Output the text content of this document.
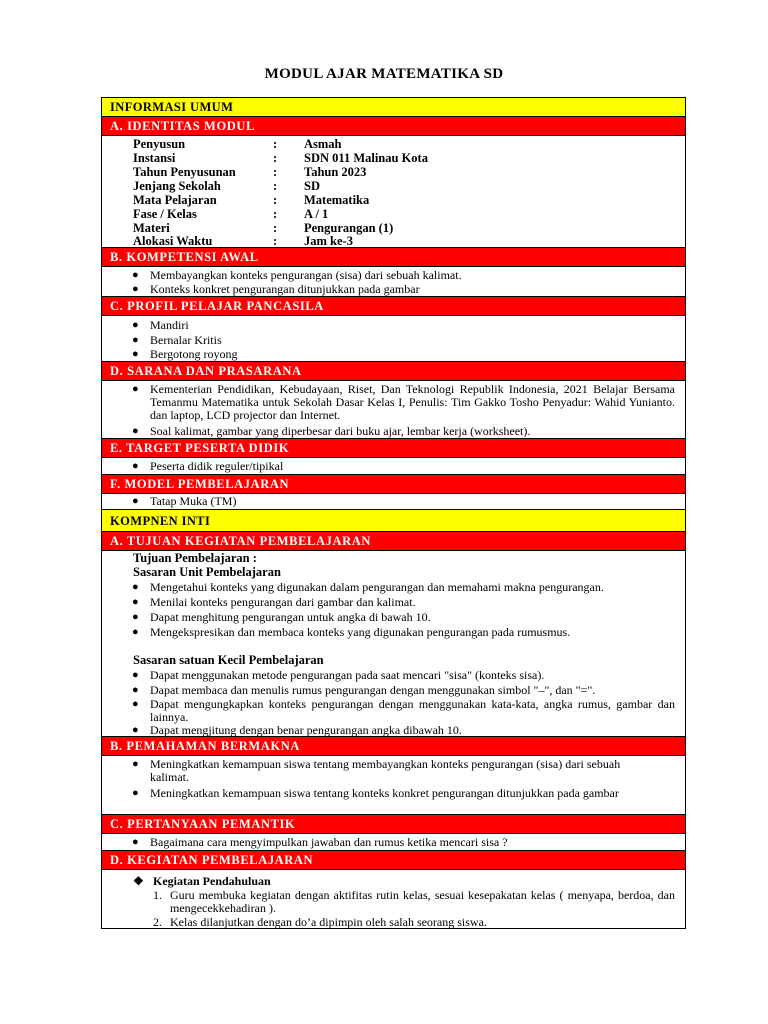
MODUL AJAR MATEMATIKA SD
INFORMASI UMUM
A. IDENTITAS MODUL
Penyusun	: Asmah
Instansi	: SDN 011 Malinau Kota
Tahun Penyusunan	: Tahun 2023
Jenjang Sekolah	: SD
Mata Pelajaran	: Matematika
Fase / Kelas	: A / 1
Materi	: Pengurangan (1)
Alokasi Waktu	: Jam ke-3
B. KOMPETENSI AWAL
● Membayangkan konteks pengurangan (sisa) dari sebuah kalimat.
● Konteks konkret pengurangan ditunjukkan pada gambar
C. PROFIL PELAJAR PANCASILA
● Mandiri
● Bernalar Kritis
● Bergotong royong
D. SARANA DAN PRASARANA
● Kementerian Pendidikan, Kebudayaan, Riset, Dan Teknologi Republik Indonesia, 2021 Belajar Bersama Temanmu Matematika untuk Sekolah Dasar Kelas I, Penulis: Tim Gakko Tosho Penyadur: Wahid Yunianto. dan laptop, LCD projector dan Internet.
● Soal kalimat, gambar yang diperbesar dari buku ajar, lembar kerja (worksheet).
E. TARGET PESERTA DIDIK
● Peserta didik reguler/tipikal
F. MODEL PEMBELAJARAN
● Tatap Muka (TM)
KOMPNEN INTI
A. TUJUAN KEGIATAN PEMBELAJARAN
Tujuan Pembelajaran :
Sasaran Unit Pembelajaran
● Mengetahui konteks yang digunakan dalam pengurangan dan memahami makna pengurangan.
● Menilai konteks pengurangan dari gambar dan kalimat.
● Dapat menghitung pengurangan untuk angka di bawah 10.
● Mengekspresikan dan membaca konteks yang digunakan pengurangan pada rumusmus.
Sasaran satuan Kecil Pembelajaran
● Dapat menggunakan metode pengurangan pada saat mencari "sisa" (konteks sisa).
● Dapat membaca dan menulis rumus pengurangan dengan menggunakan simbol "–", dan "=".
● Dapat mengungkapkan konteks pengurangan dengan menggunakan kata-kata, angka rumus, gambar dan lainnya.
● Dapat mengjitung dengan benar pengurangan angka dibawah 10.
B. PEMAHAMAN BERMAKNA
● Meningkatkan kemampuan siswa tentang membayangkan konteks pengurangan (sisa) dari sebuah kalimat.
● Meningkatkan kemampuan siswa tentang konteks konkret pengurangan ditunjukkan pada gambar
C. PERTANYAAN PEMANTIK
● Bagaimana cara mengyimpulkan jawaban dan rumus ketika mencari sisa ?
D. KEGIATAN PEMBELAJARAN
❖ Kegiatan Pendahuluan
1. Guru membuka kegiatan dengan aktifitas rutin kelas, sesuai kesepakatan kelas ( menyapa, berdoa, dan mengecekkehadiran ).
2. Kelas dilanjutkan dengan do’a dipimpin oleh salah seorang siswa.
